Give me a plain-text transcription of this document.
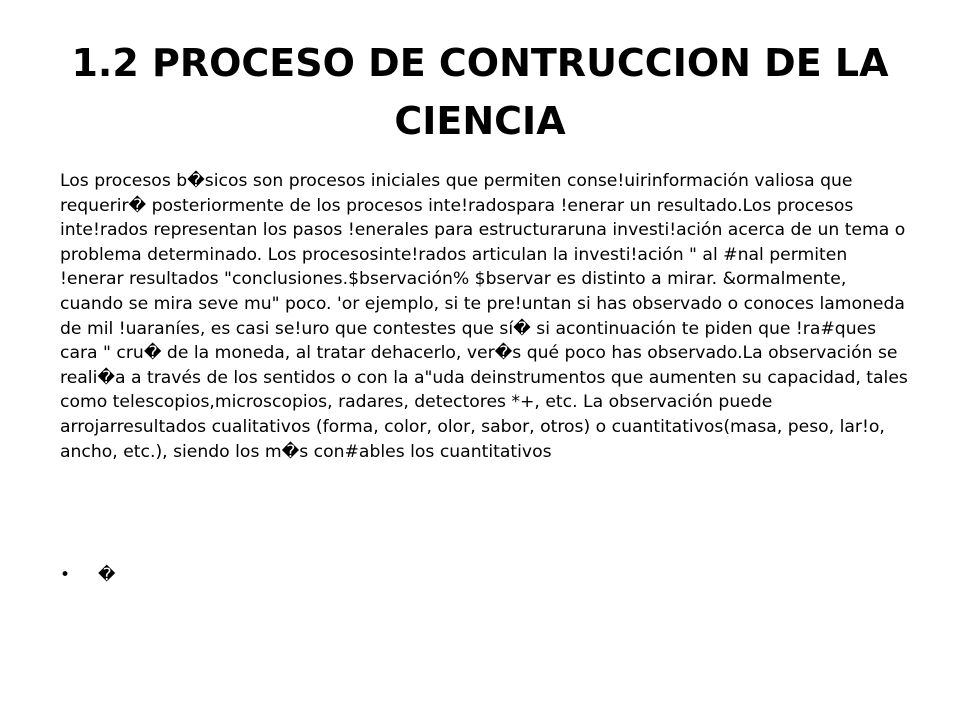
1.2 PROCESO DE CONTRUCCION DE LA CIENCIA

Los procesos b�sicos son procesos iniciales que permiten conse!uirinformación valiosa que requerir� posteriormente de los procesos inte!radospara !enerar un resultado.Los procesos inte!rados representan los pasos !enerales para estructuraruna investi!ación acerca de un tema o problema determinado. Los procesosinte!rados articulan la investi!ación " al #nal permiten !enerar resultados "conclusiones.$bservación% $bservar es distinto a mirar. &ormalmente, cuando se mira seve mu" poco. 'or ejemplo, si te pre!untan si has observado o conoces lamoneda de mil !uaraníes, es casi se!uro que contestes que sí� si acontinuación te piden que !ra#ques cara " cru� de la moneda, al tratar dehacerlo, ver�s qué poco has observado.La observación se reali�a a través de los sentidos o con la a"uda deinstrumentos que aumenten su capacidad, tales como telescopios,microscopios, radares, detectores *+, etc. La observación puede arrojarresultados cualitativos (forma, color, olor, sabor, otros) o cuantitativos(masa, peso, lar!o, ancho, etc.), siendo los m�s con#ables los cuantitativos

• �
